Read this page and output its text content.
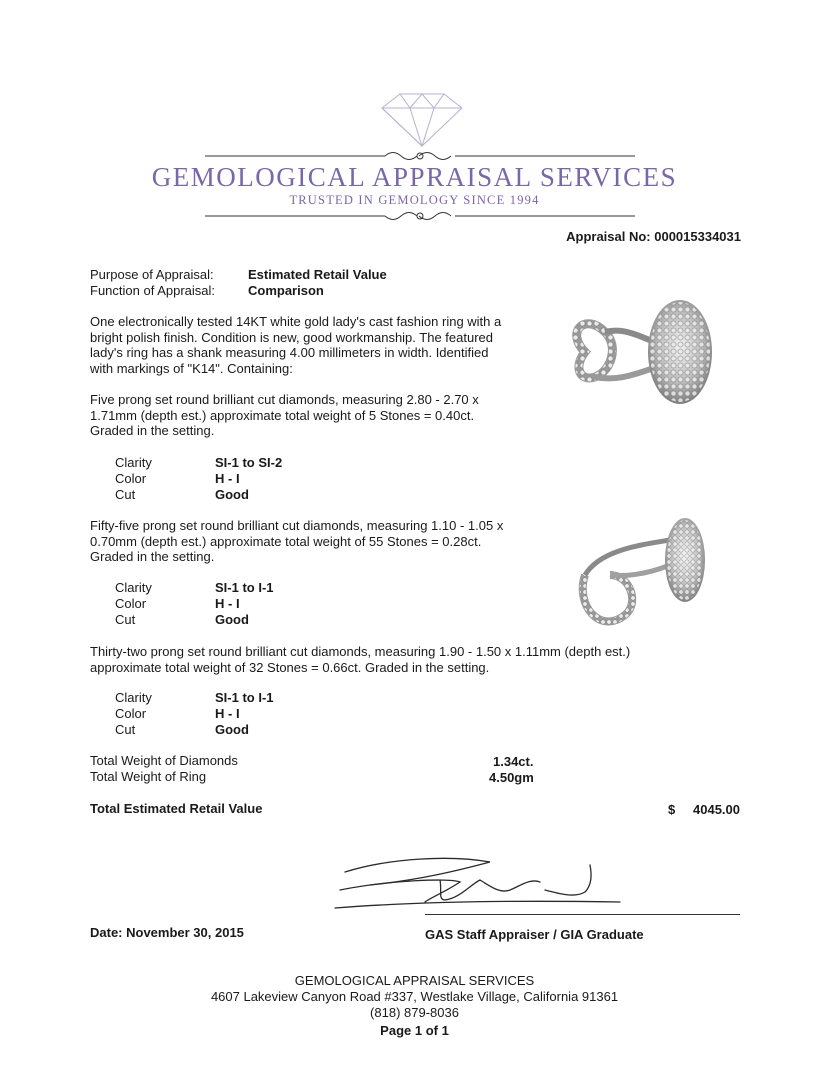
GEMOLOGICAL APPRAISAL SERVICES
TRUSTED IN GEMOLOGY SINCE 1994
Appraisal No: 000015334031
Purpose of Appraisal:	Estimated Retail Value
Function of Appraisal:	Comparison
One electronically tested 14KT white gold lady's cast fashion ring with a bright polish finish. Condition is new, good workmanship. The featured lady's ring has a shank measuring 4.00 millimeters in width. Identified with markings of "K14". Containing:
Five prong set round brilliant cut diamonds, measuring 2.80 - 2.70 x 1.71mm (depth est.) approximate total weight of 5 Stones = 0.40ct. Graded in the setting.
Clarity	SI-1 to SI-2
Color	H - I
Cut	Good
Fifty-five prong set round brilliant cut diamonds, measuring 1.10 - 1.05 x 0.70mm (depth est.) approximate total weight of 55 Stones = 0.28ct. Graded in the setting.
Clarity	SI-1 to I-1
Color	H - I
Cut	Good
Thirty-two prong set round brilliant cut diamonds, measuring 1.90 - 1.50 x 1.11mm (depth est.) approximate total weight of 32 Stones = 0.66ct. Graded in the setting.
Clarity	SI-1 to I-1
Color	H - I
Cut	Good
Total Weight of Diamonds	1.34ct.
Total Weight of Ring	4.50gm
Total Estimated Retail Value	$ 4045.00
Date: November 30, 2015	GAS Staff Appraiser / GIA Graduate
GEMOLOGICAL APPRAISAL SERVICES
4607 Lakeview Canyon Road #337, Westlake Village, California 91361
(818) 879-8036
Page 1 of 1
